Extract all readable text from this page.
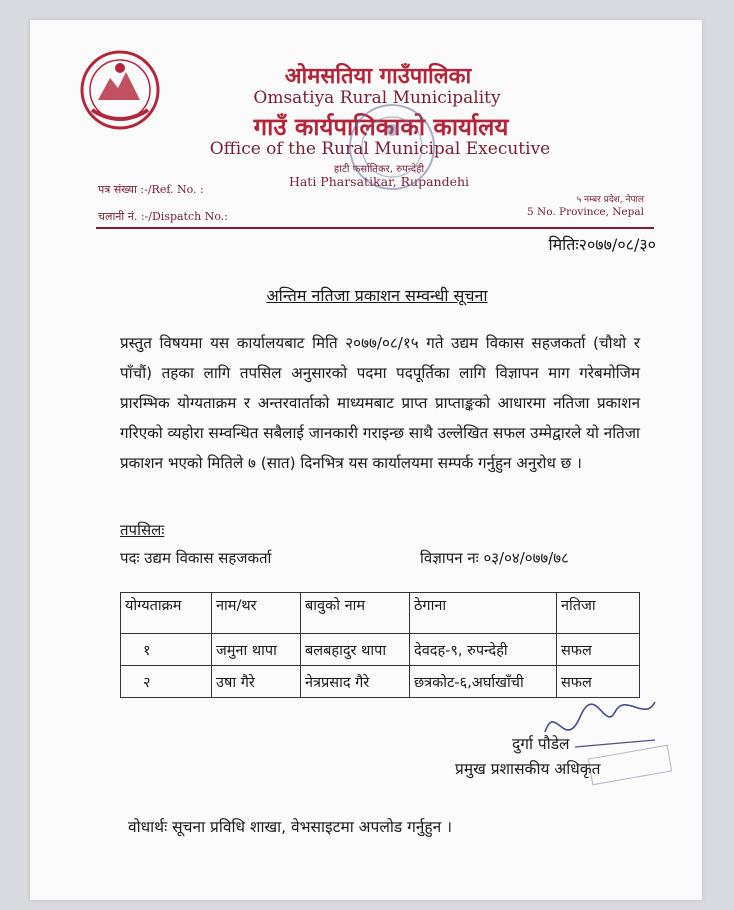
ओमसतिया गाउँपालिका
Omsatiya Rural Municipality
गाउँ कार्यपालिकाको कार्यालय
Office of the Rural Municipal Executive
हाटी फर्सातिकर, रुपन्देही
Hati Pharsatikar, Rupandehi
पत्र संख्या :-/Ref. No. :
चलानी नं. :-/Dispatch No.:
५ नम्बर प्रदेश, नेपाल
5 No. Province, Nepal
मितिः२०७७/०८/३०
अन्तिम नतिजा प्रकाशन सम्वन्धी सूचना
प्रस्तुत विषयमा यस कार्यालयबाट मिति २०७७/०८/१५ गते उद्यम विकास सहजकर्ता (चौथो र पाँचौं) तहका लागि तपसिल अनुसारको पदमा पदपूर्तिका लागि विज्ञापन माग गरेबमोजिम प्रारम्भिक योग्यताक्रम र अन्तरवार्ताको माध्यमबाट प्राप्त प्राप्ताङ्कको आधारमा नतिजा प्रकाशन गरिएको व्यहोरा सम्वन्धित सबैलाई जानकारी गराइन्छ साथै उल्लेखित सफल उम्मेद्वारले यो नतिजा प्रकाशन भएको मितिले ७ (सात) दिनभित्र यस कार्यालयमा सम्पर्क गर्नुहुन अनुरोध छ ।
तपसिलः
पदः उद्यम विकास सहजकर्ता	विज्ञापन नः ०३/०४/०७७/७८
योग्यताक्रम	नाम/थर	बावुको नाम	ठेगाना	नतिजा
१	जमुना थापा	बलबहादुर थापा	देवदह-९, रुपन्देही	सफल
२	उषा गैरे	नेत्रप्रसाद गैरे	छत्रकोट-६,अर्घाखाँची	सफल
दुर्गा पौडेल
प्रमुख प्रशासकीय अधिकृत
वोधार्थः सूचना प्रविधि शाखा, वेभसाइटमा अपलोड गर्नुहुन ।
